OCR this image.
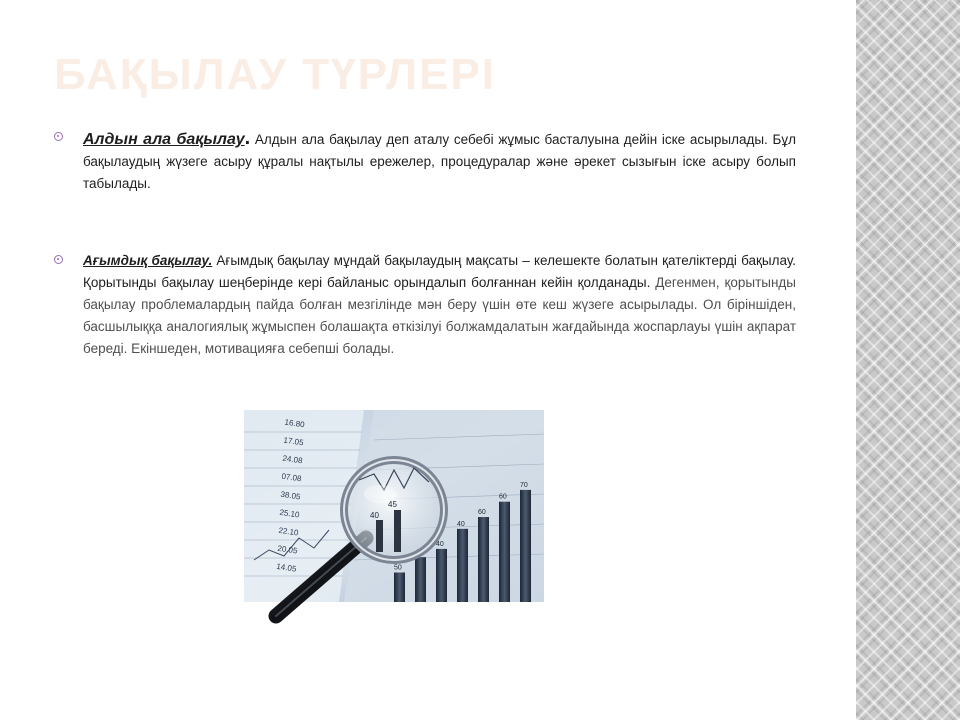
БАҚЫЛАУ ТҮРЛЕРІ
Алдын ала бақылау. Алдын ала бақылау деп аталу себебі жұмыс басталуына дейін іске асырылады. Бұл бақылаудың жүзеге асыру құралы нақтылы ережелер, процедуралар және әрекет сызығын іске асыру болып табылады.
Ағымдық бақылау. Ағымдық бақылау мұндай бақылаудың мақсаты – келешекте болатын қателіктерді бақылау. Қорытынды бақылау шеңберінде кері байланыс орындалып болғаннан кейін қолданады. Дегенмен, қорытынды бақылау проблемалардың пайда болған мезгілінде мән беру үшін өте кеш жүзеге асырылады. Ол біріншіден, басшылыққа аналогиялық жұмыспен болашақта өткізілуі болжамдалатын жағдайында жоспарлауы үшін ақпарат береді. Екіншеден, мотивацияға себепші болады.
16.80
17.05
24.08
07.08
38.05
25.10
22.10
20.05
14.05	50
40
40
60
60
70
40
45
